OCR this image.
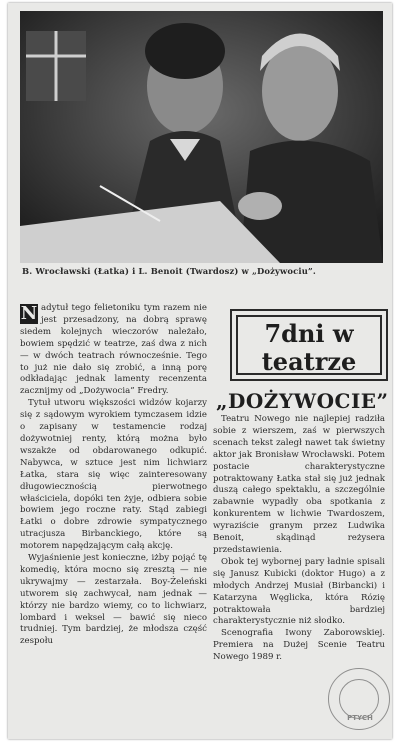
B. Wrocławski (Łatka) i L. Benoit (Twardosz) w „Dożywociu”.

N adytuł tego felietoniku tym razem nie jest przesadzony, na dobrą sprawę siedem kolejnych wieczorów należało, bowiem spędzić w teatrze, zaś dwa z nich — w dwóch teatrach równocześnie. Tego to już nie dało się zrobić, a inną porę odkładając jednak lamenty recenzenta zacznijmy od „Dożywocia” Fredry.

Tytuł utworu większości widzów kojarzy się z sądowym wyrokiem tymczasem idzie o zapisany w testamencie rodzaj dożywotniej renty, którą można było wszakże od obdarowanego odkupić. Nabywca, w sztuce jest nim lichwiarz Łatka, stara się więc zainteresowany długowiecznością pierwotnego właściciela, dopóki ten żyje, odbiera sobie bowiem jego roczne raty. Stąd zabiegi Łatki o dobre zdrowie sympatycznego utracjusza Birbanckiego, które są motorem napędzającym całą akcję.

Wyjaśnienie jest konieczne, iżby pojąć tę komedię, która mocno się zresztą — nie ukrywajmy — zestarzała. Boy-Żeleński utworem się zachwycał, nam jednak — którzy nie bardzo wiemy, co to lichwiarz, lombard i weksel — bawić się nieco trudniej. Tym bardziej, że młodsza część zespołu

7dni w teatrze
„DOŻYWOCIE”

Teatru Nowego nie najlepiej radziła sobie z wierszem, zaś w pierwszych scenach tekst zaległ nawet tak świetny aktor jak Bronisław Wrocławski. Potem postacie charakterystyczne potraktowany Łatka stał się już jednak duszą całego spektaklu, a szczególnie zabawnie wypadły oba spotkania z konkurentem w lichwie Twardoszem, wyraziście granym przez Ludwika Benoit, skądinąd reżysera przedstawienia.

Obok tej wybornej pary ładnie spisali się Janusz Kubicki (doktor Hugo) a z młodych Andrzej Musiał (Birbancki) i Katarzyna Węglicka, która Rózię potraktowała bardziej charakterystycznie niż słodko.

Scenografia Iwony Zaborowskiej. Premiera na Dużej Scenie Teatru Nowego 1989 r.

PTYCH
